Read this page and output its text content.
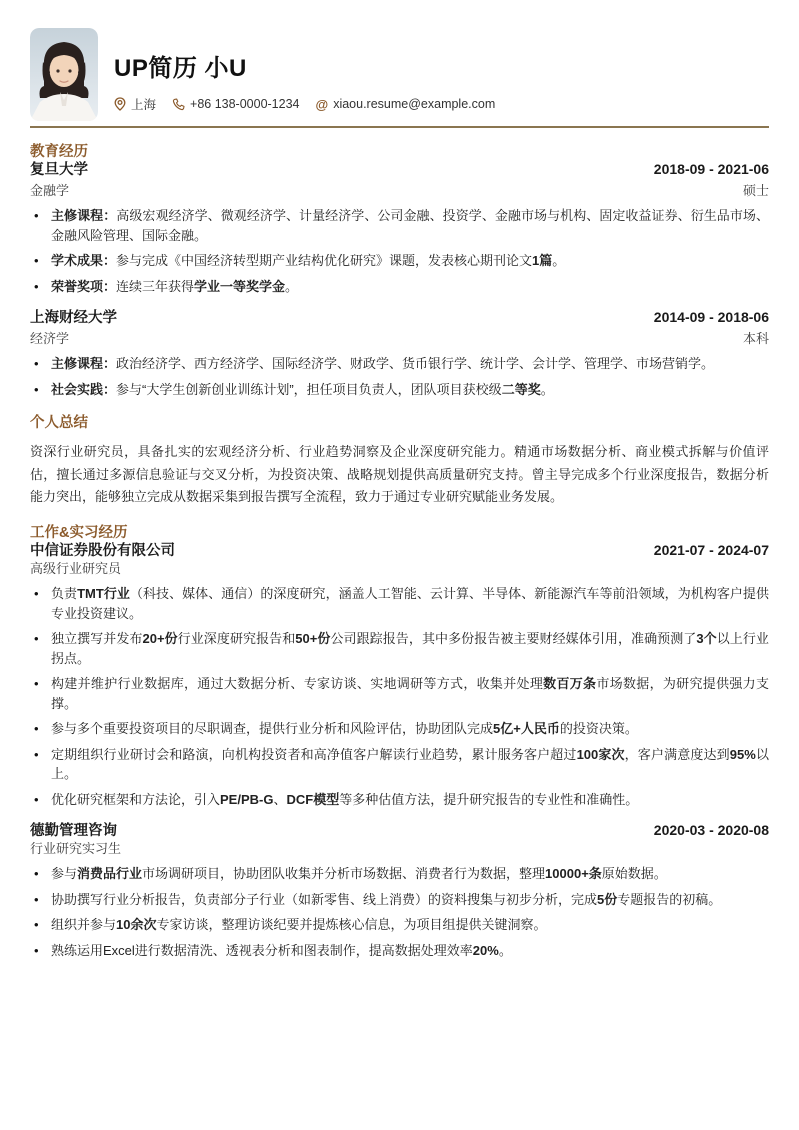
UP简历 小U
上海	+86 138-0000-1234 @ xiaou.resume@example.com
教育经历
复旦大学	2018-09 - 2021-06
金融学	硕士
• 主修课程：高级宏观经济学、微观经济学、计量经济学、公司金融、投资学、金融市场与机构、固定收益证券、衍生品市场、金融风险管理、国际金融。
• 学术成果：参与完成《中国经济转型期产业结构优化研究》课题，发表核心期刊论文1篇。
• 荣誉奖项：连续三年获得学业一等奖学金。
上海财经大学	2014-09 - 2018-06
经济学	本科
• 主修课程：政治经济学、西方经济学、国际经济学、财政学、货币银行学、统计学、会计学、管理学、市场营销学。
• 社会实践：参与“大学生创新创业训练计划”，担任项目负责人，团队项目获校级二等奖。
个人总结

资深行业研究员，具备扎实的宏观经济分析、行业趋势洞察及企业深度研究能力。精通市场数据分析、商业模式拆解与价值评估，擅长通过多源信息验证与交叉分析，为投资决策、战略规划提供高质量研究支持。曾主导完成多个行业深度报告，数据分析能力突出，能够独立完成从数据采集到报告撰写全流程，致力于通过专业研究赋能业务发展。

工作&实习经历
中信证券股份有限公司	2021-07 - 2024-07
高级行业研究员
• 负责TMT行业（科技、媒体、通信）的深度研究，涵盖人工智能、云计算、半导体、新能源汽车等前沿领域，为机构客户提供专业投资建议。
• 独立撰写并发布20+份行业深度研究报告和50+份公司跟踪报告，其中多份报告被主要财经媒体引用，准确预测了3个以上行业拐点。
• 构建并维护行业数据库，通过大数据分析、专家访谈、实地调研等方式，收集并处理数百万条市场数据，为研究提供强力支撑。
• 参与多个重要投资项目的尽职调查，提供行业分析和风险评估，协助团队完成5亿+人民币的投资决策。
• 定期组织行业研讨会和路演，向机构投资者和高净值客户解读行业趋势，累计服务客户超过100家次，客户满意度达到95%以上。
• 优化研究框架和方法论，引入PE/PB-G、DCF模型等多种估值方法，提升研究报告的专业性和准确性。
德勤管理咨询	2020-03 - 2020-08
行业研究实习生
• 参与消费品行业市场调研项目，协助团队收集并分析市场数据、消费者行为数据，整理10000+条原始数据。
• 协助撰写行业分析报告，负责部分子行业（如新零售、线上消费）的资料搜集与初步分析，完成5份专题报告的初稿。
• 组织并参与10余次专家访谈，整理访谈纪要并提炼核心信息，为项目组提供关键洞察。
• 熟练运用Excel进行数据清洗、透视表分析和图表制作，提高数据处理效率20%。
